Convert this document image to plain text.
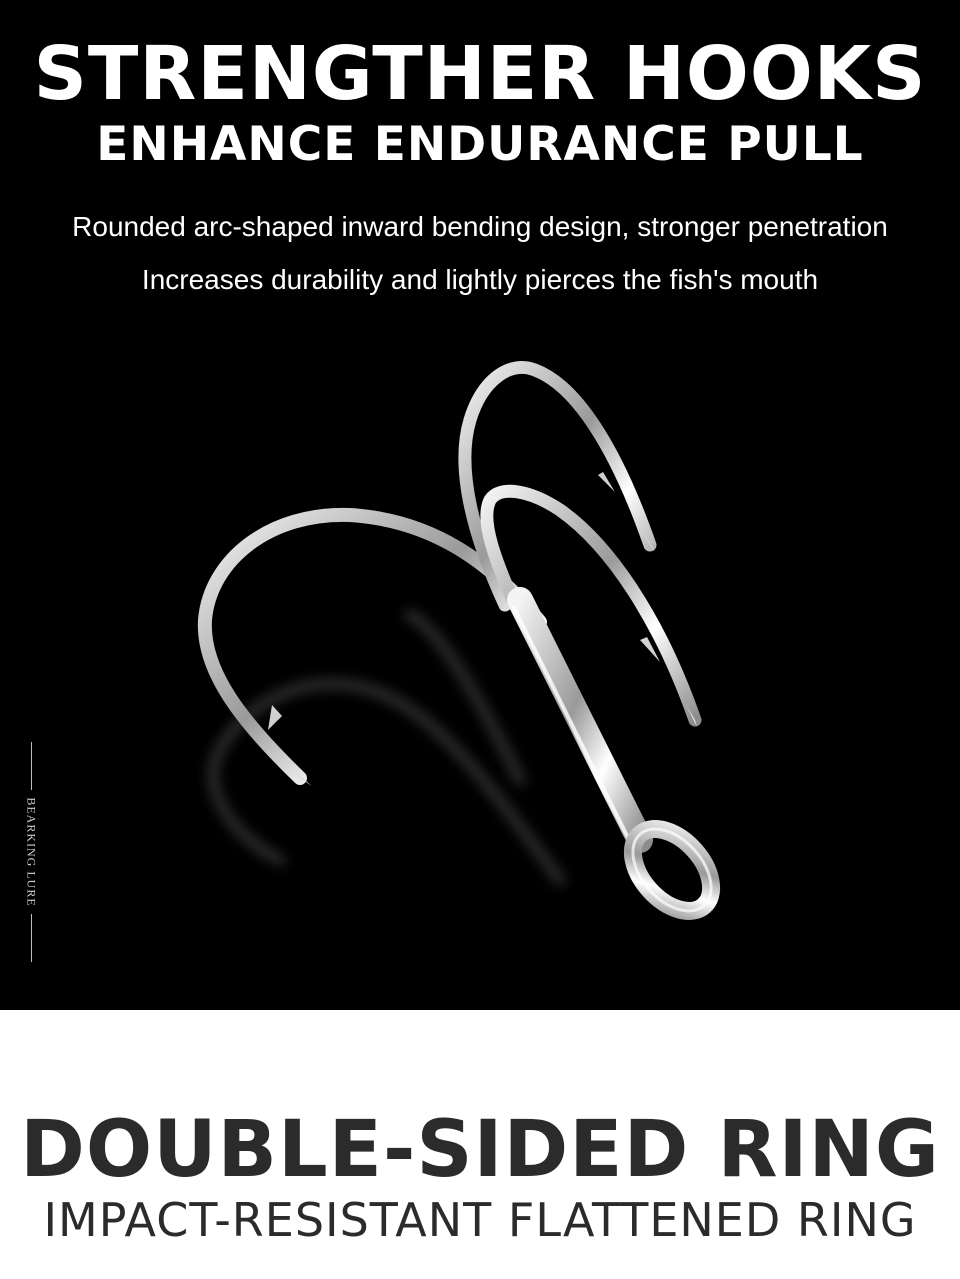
STRENGTHER HOOKS
ENHANCE ENDURANCE PULL
Rounded arc-shaped inward bending design, stronger penetration
Increases durability and lightly pierces the fish's mouth
BEARKING LURE
DOUBLE-SIDED RING
IMPACT-RESISTANT FLATTENED RING
